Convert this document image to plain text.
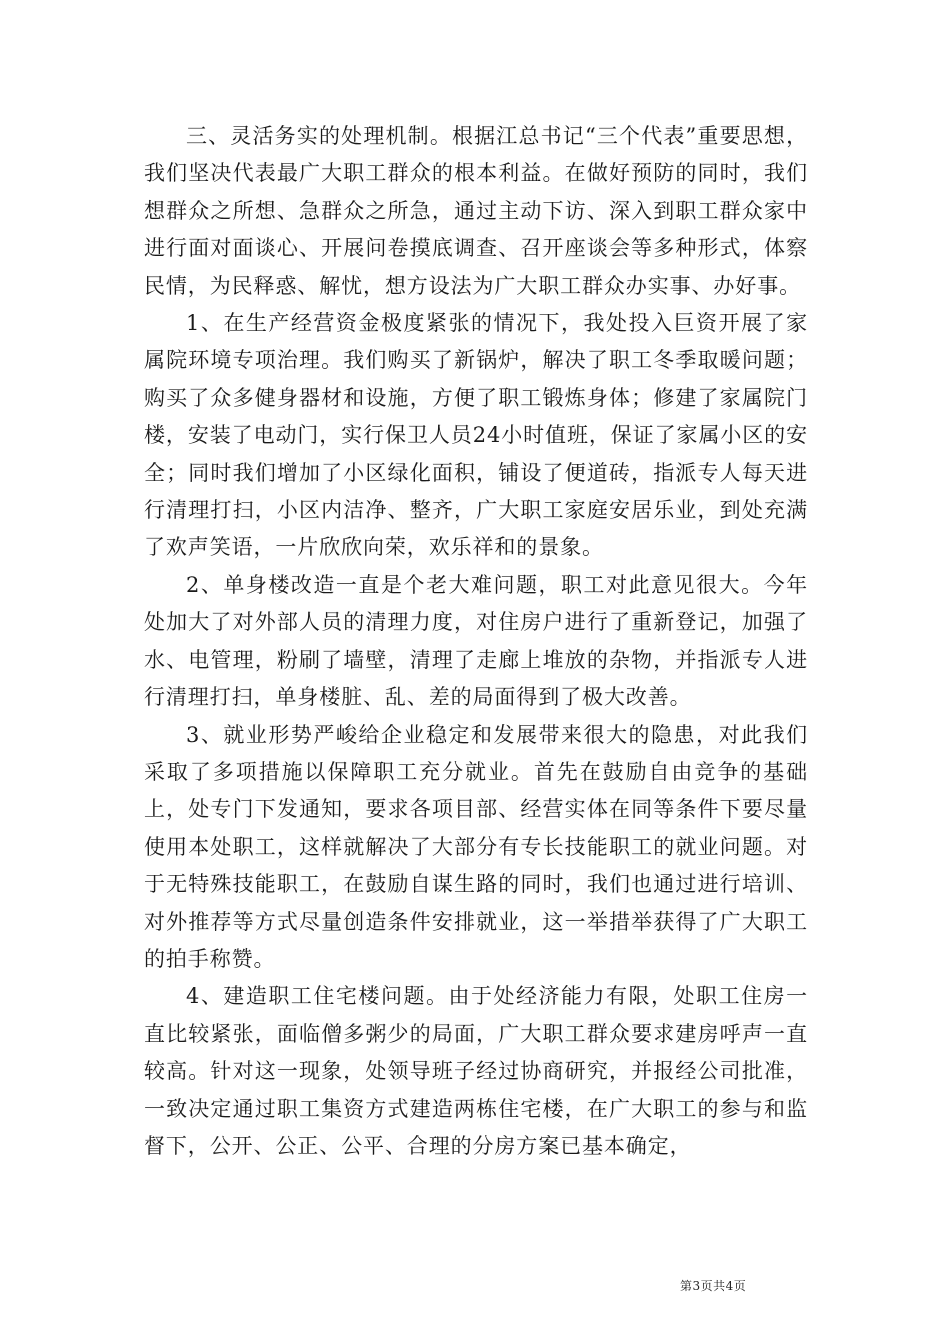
三、灵活务实的处理机制。根据江总书记“三个代表”重要思想，我们坚决代表最广大职工群众的根本利益。在做好预防的同时，我们想群众之所想、急群众之所急，通过主动下访、深入到职工群众家中进行面对面谈心、开展问卷摸底调查、召开座谈会等多种形式，体察民情，为民释惑、解忧，想方设法为广大职工群众办实事、办好事。

1、在生产经营资金极度紧张的情况下，我处投入巨资开展了家属院环境专项治理。我们购买了新锅炉，解决了职工冬季取暖问题；购买了众多健身器材和设施，方便了职工锻炼身体；修建了家属院门楼，安装了电动门，实行保卫人员24小时值班，保证了家属小区的安全；同时我们增加了小区绿化面积，铺设了便道砖，指派专人每天进行清理打扫，小区内洁净、整齐，广大职工家庭安居乐业，到处充满了欢声笑语，一片欣欣向荣，欢乐祥和的景象。

2、单身楼改造一直是个老大难问题，职工对此意见很大。今年处加大了对外部人员的清理力度，对住房户进行了重新登记，加强了水、电管理，粉刷了墙壁，清理了走廊上堆放的杂物，并指派专人进行清理打扫，单身楼脏、乱、差的局面得到了极大改善。

3、就业形势严峻给企业稳定和发展带来很大的隐患，对此我们采取了多项措施以保障职工充分就业。首先在鼓励自由竞争的基础上，处专门下发通知，要求各项目部、经营实体在同等条件下要尽量使用本处职工，这样就解决了大部分有专长技能职工的就业问题。对于无特殊技能职工，在鼓励自谋生路的同时，我们也通过进行培训、对外推荐等方式尽量创造条件安排就业，这一举措举获得了广大职工的拍手称赞。

4、建造职工住宅楼问题。由于处经济能力有限，处职工住房一直比较紧张，面临僧多粥少的局面，广大职工群众要求建房呼声一直较高。针对这一现象，处领导班子经过协商研究，并报经公司批准，一致决定通过职工集资方式建造两栋住宅楼，在广大职工的参与和监督下，公开、公正、公平、合理的分房方案已基本确定，

第3页共4页
